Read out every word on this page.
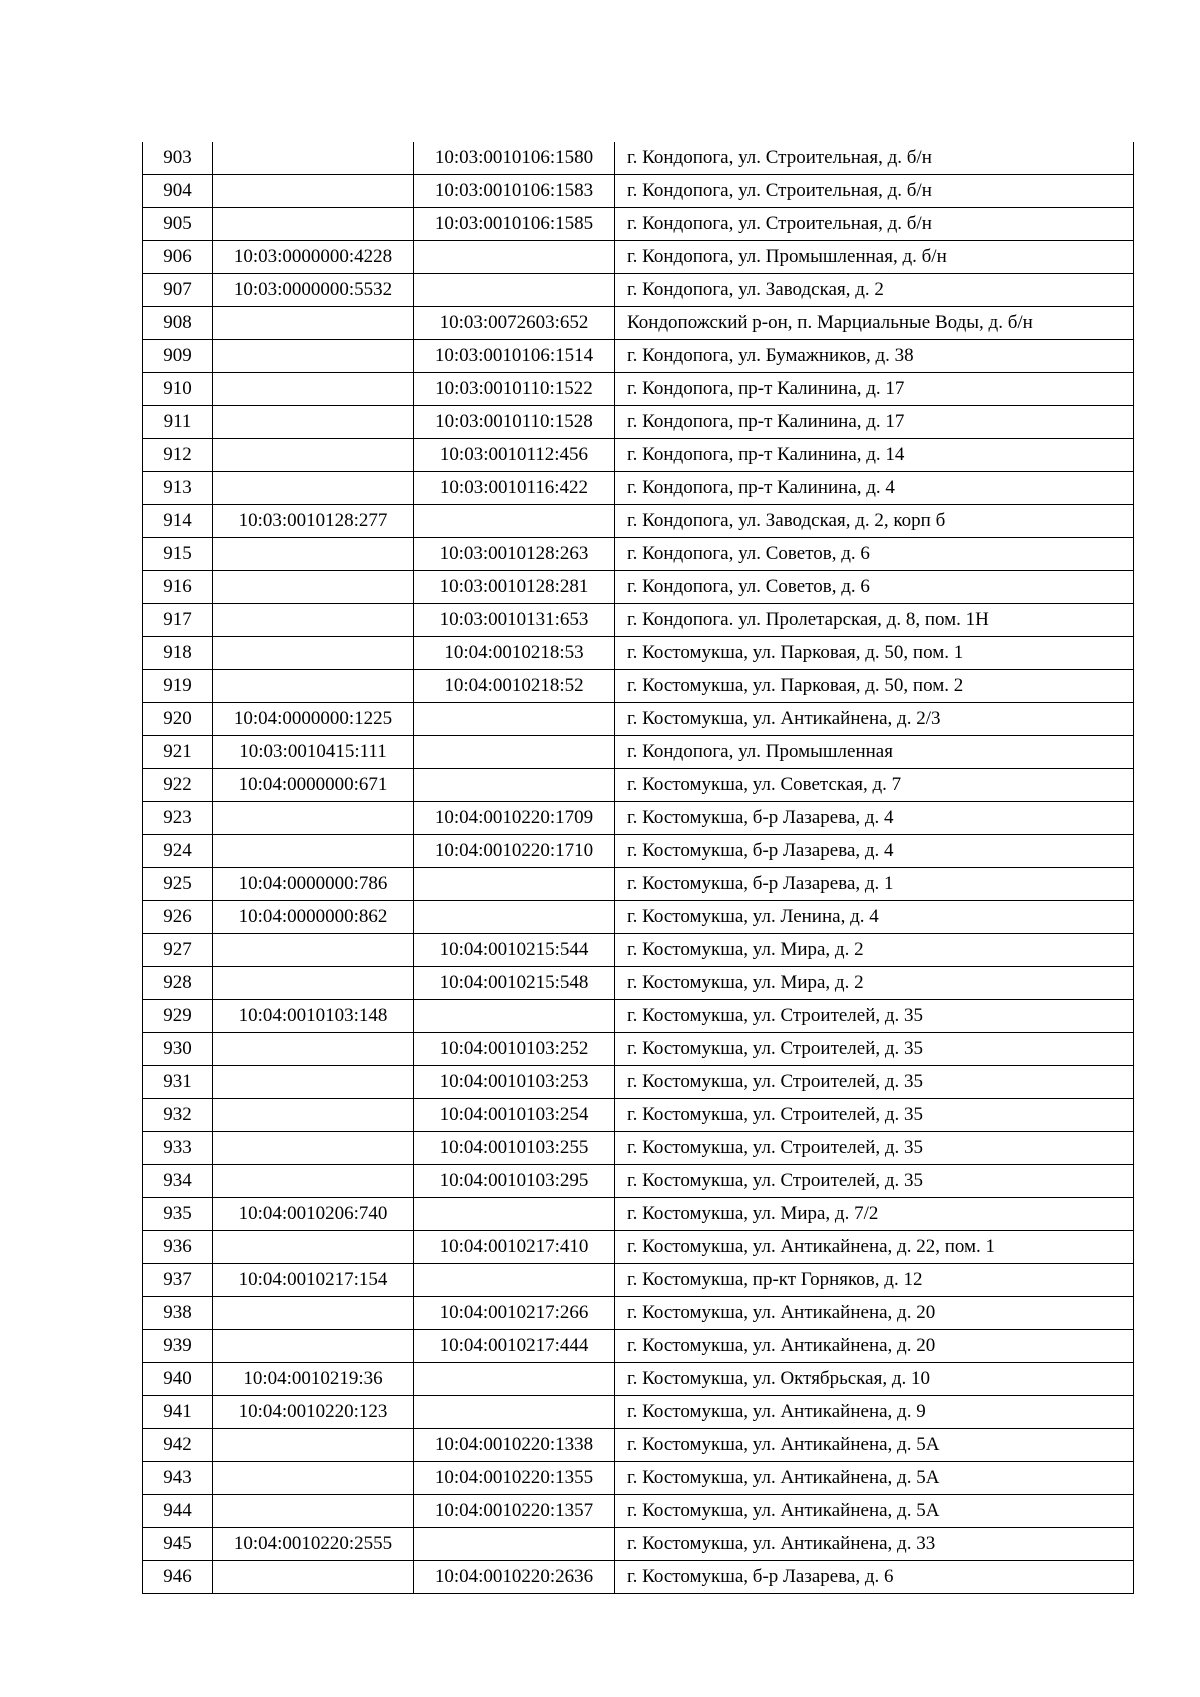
903		10:03:0010106:1580	г. Кондопога, ул. Строительная, д. б/н
904		10:03:0010106:1583	г. Кондопога, ул. Строительная, д. б/н
905		10:03:0010106:1585	г. Кондопога, ул. Строительная, д. б/н
906	10:03:0000000:4228		г. Кондопога, ул. Промышленная, д. б/н
907	10:03:0000000:5532		г. Кондопога, ул. Заводская, д. 2
908		10:03:0072603:652	Кондопожский р-он, п. Марциальные Воды, д. б/н
909		10:03:0010106:1514	г. Кондопога, ул. Бумажников, д. 38
910		10:03:0010110:1522	г. Кондопога, пр-т Калинина, д. 17
911		10:03:0010110:1528	г. Кондопога, пр-т Калинина, д. 17
912		10:03:0010112:456	г. Кондопога, пр-т Калинина, д. 14
913		10:03:0010116:422	г. Кондопога, пр-т Калинина, д. 4
914	10:03:0010128:277		г. Кондопога, ул. Заводская, д. 2, корп б
915		10:03:0010128:263	г. Кондопога, ул. Советов, д. 6
916		10:03:0010128:281	г. Кондопога, ул. Советов, д. 6
917		10:03:0010131:653	г. Кондопога. ул. Пролетарская, д. 8, пом. 1Н
918		10:04:0010218:53	г. Костомукша, ул. Парковая, д. 50, пом. 1
919		10:04:0010218:52	г. Костомукша, ул. Парковая, д. 50, пом. 2
920	10:04:0000000:1225		г. Костомукша, ул. Антикайнена, д. 2/3
921	10:03:0010415:111		г. Кондопога, ул. Промышленная
922	10:04:0000000:671		г. Костомукша, ул. Советская, д. 7
923		10:04:0010220:1709	г. Костомукша, б-р Лазарева, д. 4
924		10:04:0010220:1710	г. Костомукша, б-р Лазарева, д. 4
925	10:04:0000000:786		г. Костомукша, б-р Лазарева, д. 1
926	10:04:0000000:862		г. Костомукша, ул. Ленина, д. 4
927		10:04:0010215:544	г. Костомукша, ул. Мира, д. 2
928		10:04:0010215:548	г. Костомукша, ул. Мира, д. 2
929	10:04:0010103:148		г. Костомукша, ул. Строителей, д. 35
930		10:04:0010103:252	г. Костомукша, ул. Строителей, д. 35
931		10:04:0010103:253	г. Костомукша, ул. Строителей, д. 35
932		10:04:0010103:254	г. Костомукша, ул. Строителей, д. 35
933		10:04:0010103:255	г. Костомукша, ул. Строителей, д. 35
934		10:04:0010103:295	г. Костомукша, ул. Строителей, д. 35
935	10:04:0010206:740		г. Костомукша, ул. Мира, д. 7/2
936		10:04:0010217:410	г. Костомукша, ул. Антикайнена, д. 22, пом. 1
937	10:04:0010217:154		г. Костомукша, пр-кт Горняков, д. 12
938		10:04:0010217:266	г. Костомукша, ул. Антикайнена, д. 20
939		10:04:0010217:444	г. Костомукша, ул. Антикайнена, д. 20
940	10:04:0010219:36		г. Костомукша, ул. Октябрьская, д. 10
941	10:04:0010220:123		г. Костомукша, ул. Антикайнена, д. 9
942		10:04:0010220:1338	г. Костомукша, ул. Антикайнена, д. 5А
943		10:04:0010220:1355	г. Костомукша, ул. Антикайнена, д. 5А
944		10:04:0010220:1357	г. Костомукша, ул. Антикайнена, д. 5А
945	10:04:0010220:2555		г. Костомукша, ул. Антикайнена, д. 33
946		10:04:0010220:2636	г. Костомукша, б-р Лазарева, д. 6
